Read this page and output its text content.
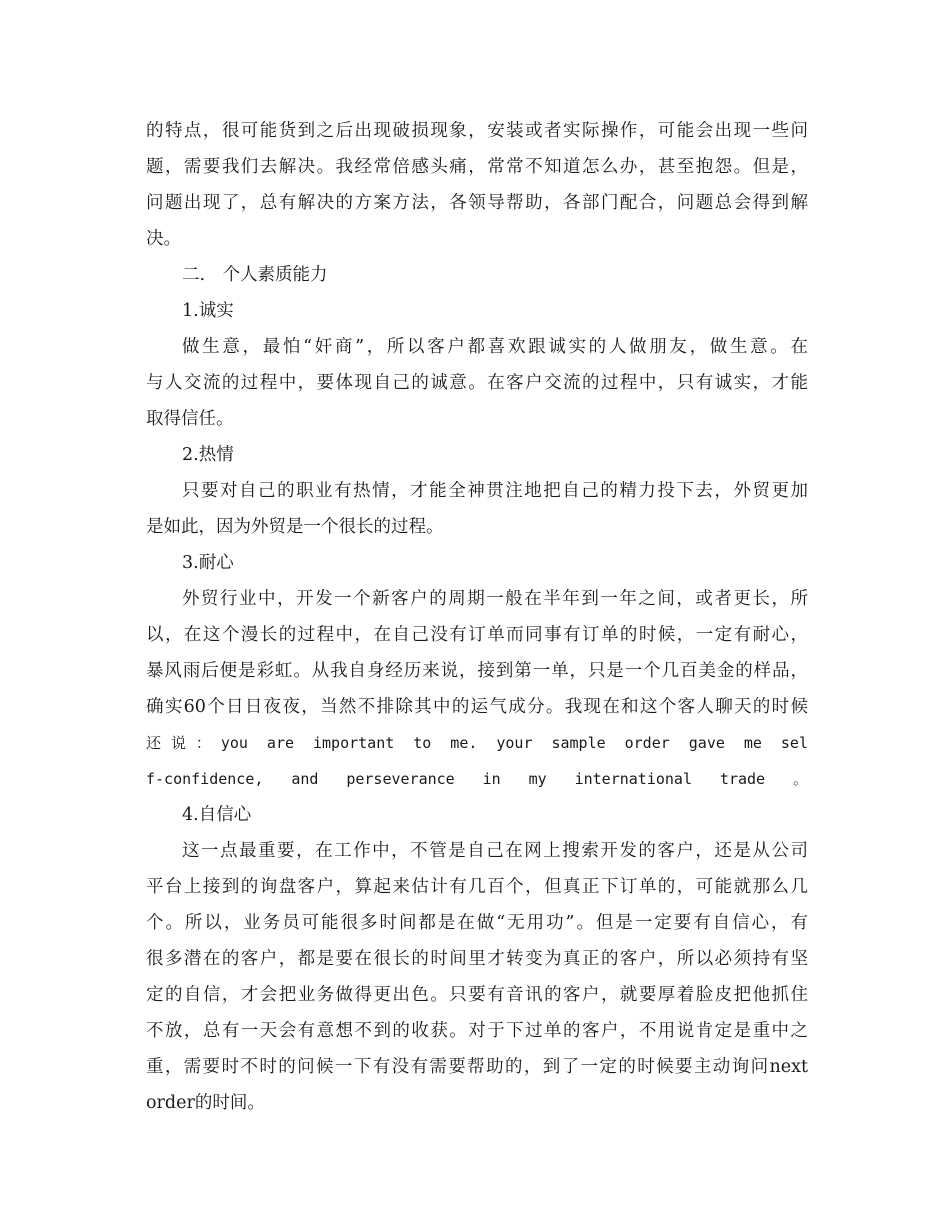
的特点，很可能货到之后出现破损现象，安装或者实际操作，可能会出现一些问
题，需要我们去解决。我经常倍感头痛，常常不知道怎么办，甚至抱怨。但是，
问题出现了，总有解决的方案方法，各领导帮助，各部门配合，问题总会得到解
决。
二.　个人素质能力
1.诚实
做生意，最怕“奸商”，所以客户都喜欢跟诚实的人做朋友，做生意。在
与人交流的过程中，要体现自己的诚意。在客户交流的过程中，只有诚实，才能
取得信任。
2.热情
只要对自己的职业有热情，才能全神贯注地把自己的精力投下去，外贸更加
是如此，因为外贸是一个很长的过程。
3.耐心
外贸行业中，开发一个新客户的周期一般在半年到一年之间，或者更长，所
以，在这个漫长的过程中，在自己没有订单而同事有订单的时候，一定有耐心，
暴风雨后便是彩虹。从我自身经历来说，接到第一单，只是一个几百美金的样品，
确实60个日日夜夜，当然不排除其中的运气成分。我现在和这个客人聊天的时候
还说：you are important to me. your sample order gave me sel
f-confidence, and perseverance in my international trade 。
4.自信心
这一点最重要，在工作中，不管是自己在网上搜索开发的客户，还是从公司
平台上接到的询盘客户，算起来估计有几百个，但真正下订单的，可能就那么几
个。所以，业务员可能很多时间都是在做“无用功”。但是一定要有自信心，有
很多潜在的客户，都是要在很长的时间里才转变为真正的客户，所以必须持有坚
定的自信，才会把业务做得更出色。只要有音讯的客户，就要厚着脸皮把他抓住
不放，总有一天会有意想不到的收获。对于下过单的客户，不用说肯定是重中之
重，需要时不时的问候一下有没有需要帮助的，到了一定的时候要主动询问next
order的时间。
